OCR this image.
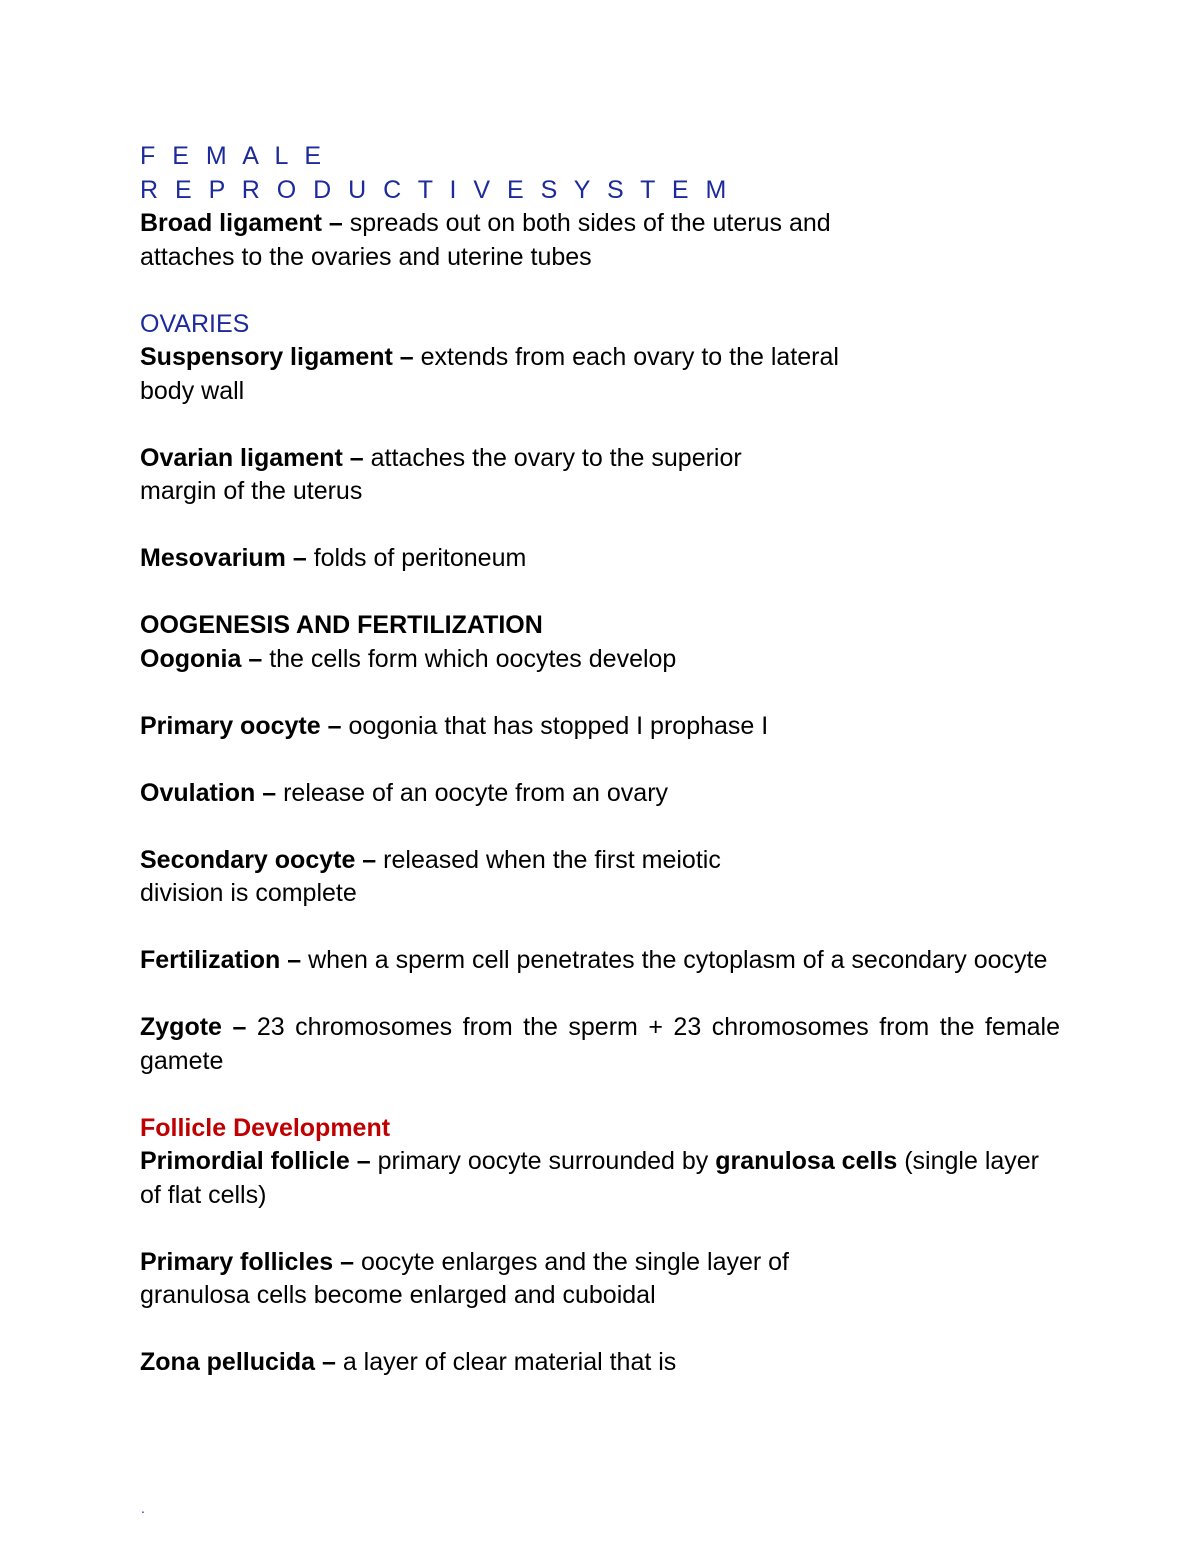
F E M A L E
R E P R O D U C T I V E S Y S T E M

Broad ligament – spreads out on both sides of the uterus and attaches to the ovaries and uterine tubes

OVARIES

Suspensory ligament – extends from each ovary to the lateral body wall

Ovarian ligament – attaches the ovary to the superior margin of the uterus

Mesovarium – folds of peritoneum

OOGENESIS AND FERTILIZATION

Oogonia – the cells form which oocytes develop

Primary oocyte – oogonia that has stopped I prophase I

Ovulation – release of an oocyte from an ovary

Secondary oocyte – released when the first meiotic division is complete

Fertilization – when a sperm cell penetrates the cytoplasm of a secondary oocyte

Zygote – 23 chromosomes from the sperm + 23 chromosomes from the female gamete

Follicle Development

Primordial follicle – primary oocyte surrounded by granulosa cells (single layer of flat cells)

Primary follicles – oocyte enlarges and the single layer of granulosa cells become enlarged and cuboidal

Zona pellucida – a layer of clear material that is

.
